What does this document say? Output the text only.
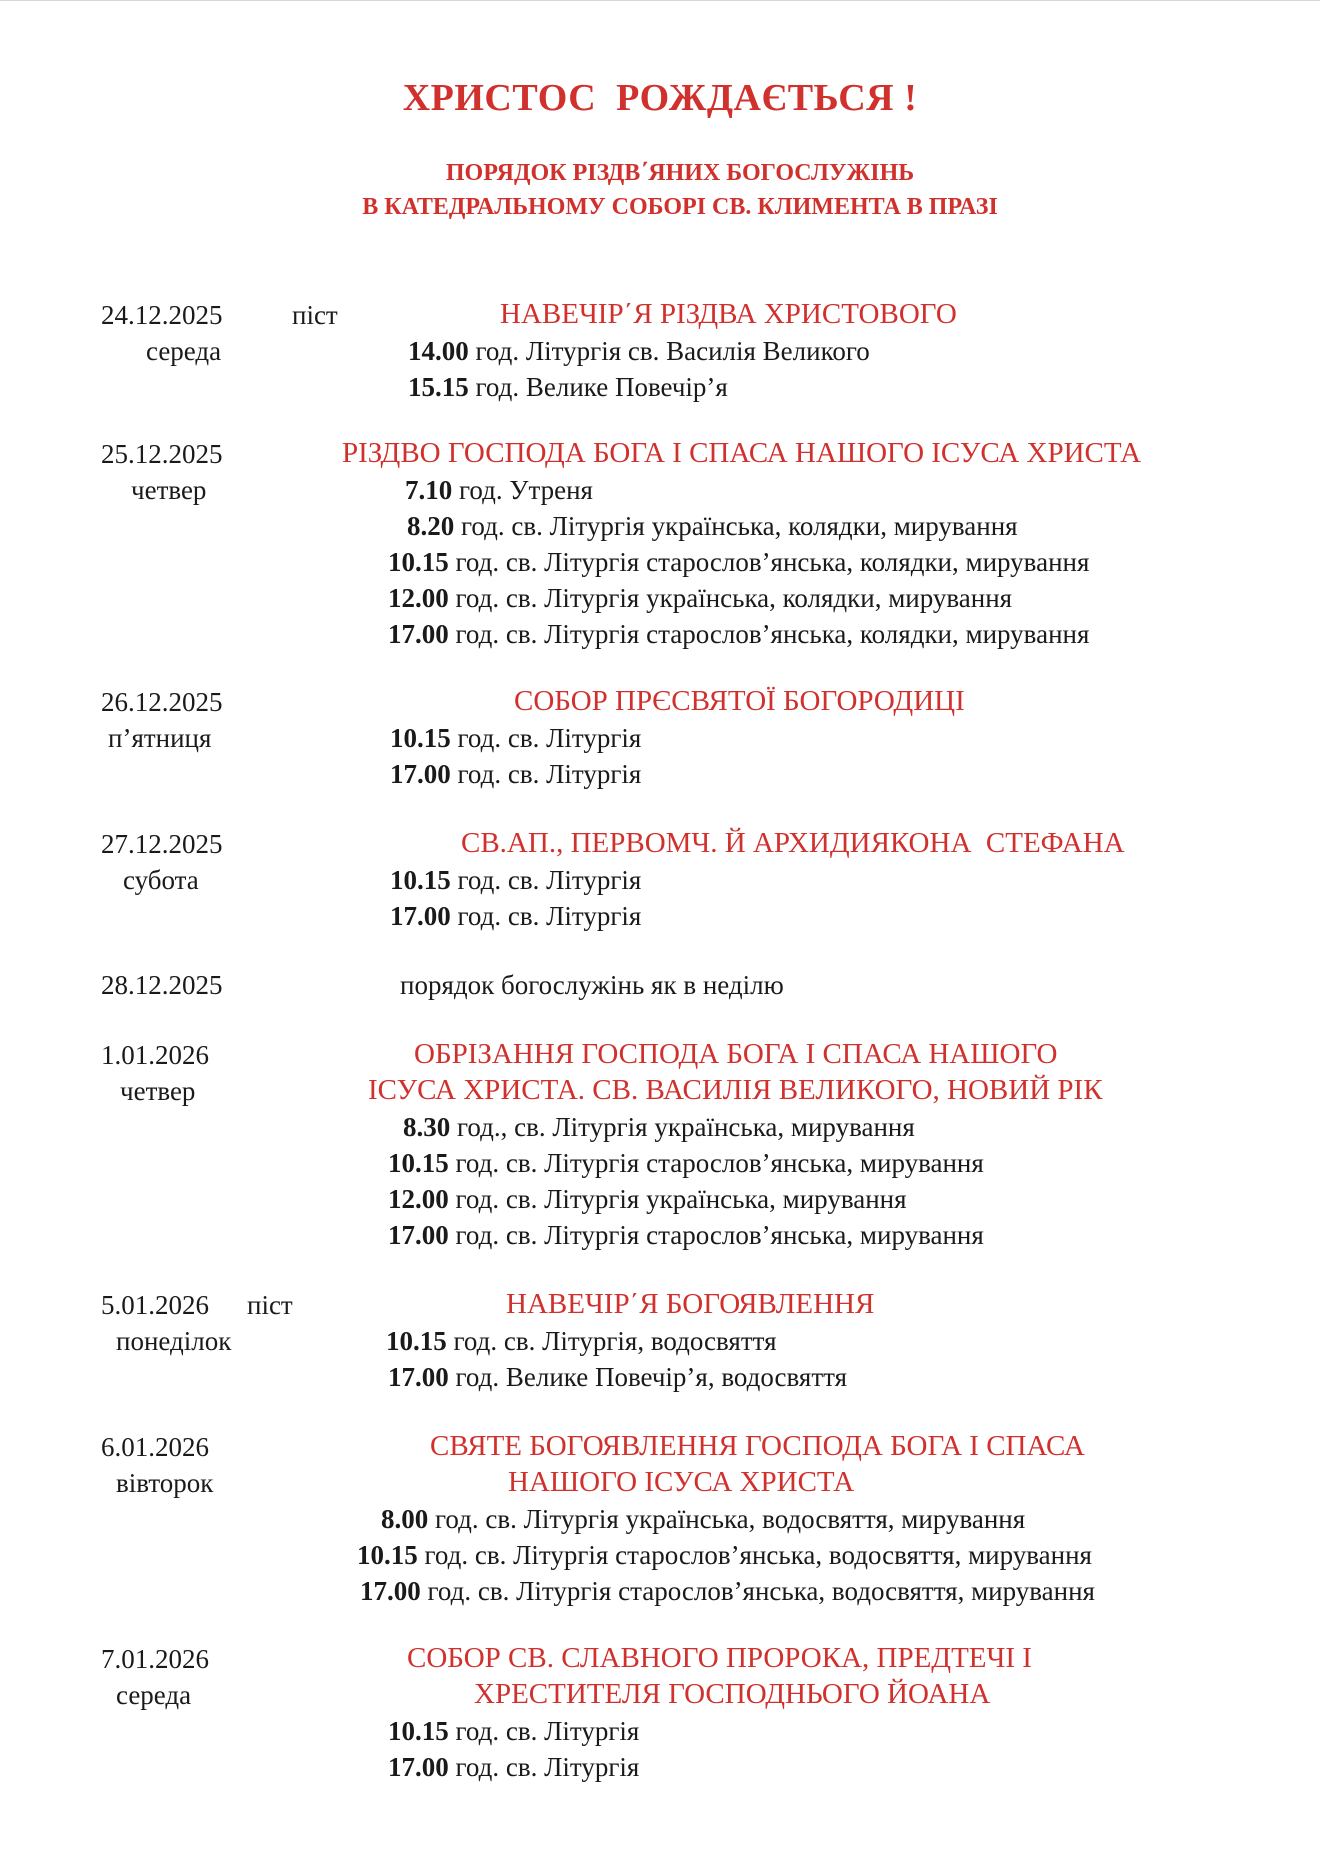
ХРИСТОС  РОЖДАЄТЬСЯ !
ПОРЯДОК РІЗДВ΄ЯНИХ БОГОСЛУЖІНЬ
В КАТЕДРАЛЬНОМУ СОБОРІ СВ. КЛИМЕНТА В ПРАЗІ
24.12.2025	піст
середа
НАВЕЧІР΄Я РІЗДВА ХРИСТОВОГО
14.00 год. Літургія св. Василія Великого
15.15 год. Велике Повечір’я
25.12.2025
четвер
РІЗДВО ГОСПОДА БОГА І СПАСА НАШОГО ІСУСА ХРИСТА
7.10 год. Утреня
8.20 год. св. Літургія українська, колядки, мирування
10.15 год. св. Літургія старослов’янська, колядки, мирування
12.00 год. св. Літургія українська, колядки, мирування
17.00 год. св. Літургія старослов’янська, колядки, мирування
26.12.2025
п’ятниця
СОБОР ПРЄСВЯТОЇ БОГОРОДИЦІ
10.15 год. св. Літургія
17.00 год. св. Літургія
27.12.2025
субота
СВ.АП., ПЕРВОМЧ. Й АРХИДИЯКОНА  СТЕФАНА
10.15 год. св. Літургія
17.00 год. св. Літургія
28.12.2025	порядок богослужінь як в неділю
1.01.2026
четвер
ОБРІЗАННЯ ГОСПОДА БОГА І СПАСА НАШОГО
ІСУСА ХРИСТА. СВ. ВАСИЛІЯ ВЕЛИКОГО, НОВИЙ РІК
8.30 год., св. Літургія українська, мирування
10.15 год. св. Літургія старослов’янська, мирування
12.00 год. св. Літургія українська, мирування
17.00 год. св. Літургія старослов’янська, мирування
5.01.2026 піст
понеділок
НАВЕЧІР΄Я БОГОЯВЛЕННЯ
10.15 год. св. Літургія, водосвяття
17.00 год. Велике Повечір’я, водосвяття
6.01.2026
вівторок
СВЯТЕ БОГОЯВЛЕННЯ ГОСПОДА БОГА І СПАСА
НАШОГО ІСУСА ХРИСТА
8.00 год. св. Літургія українська, водосвяття, мирування
10.15 год. св. Літургія старослов’янська, водосвяття, мирування
17.00 год. св. Літургія старослов’янська, водосвяття, мирування
7.01.2026
середа
СОБОР СВ. СЛАВНОГО ПРОРОКА, ПРЕДТЕЧІ І
ХРЕСТИТЕЛЯ ГОСПОДНЬОГО ЙОАНА
10.15 год. св. Літургія
17.00 год. св. Літургія
